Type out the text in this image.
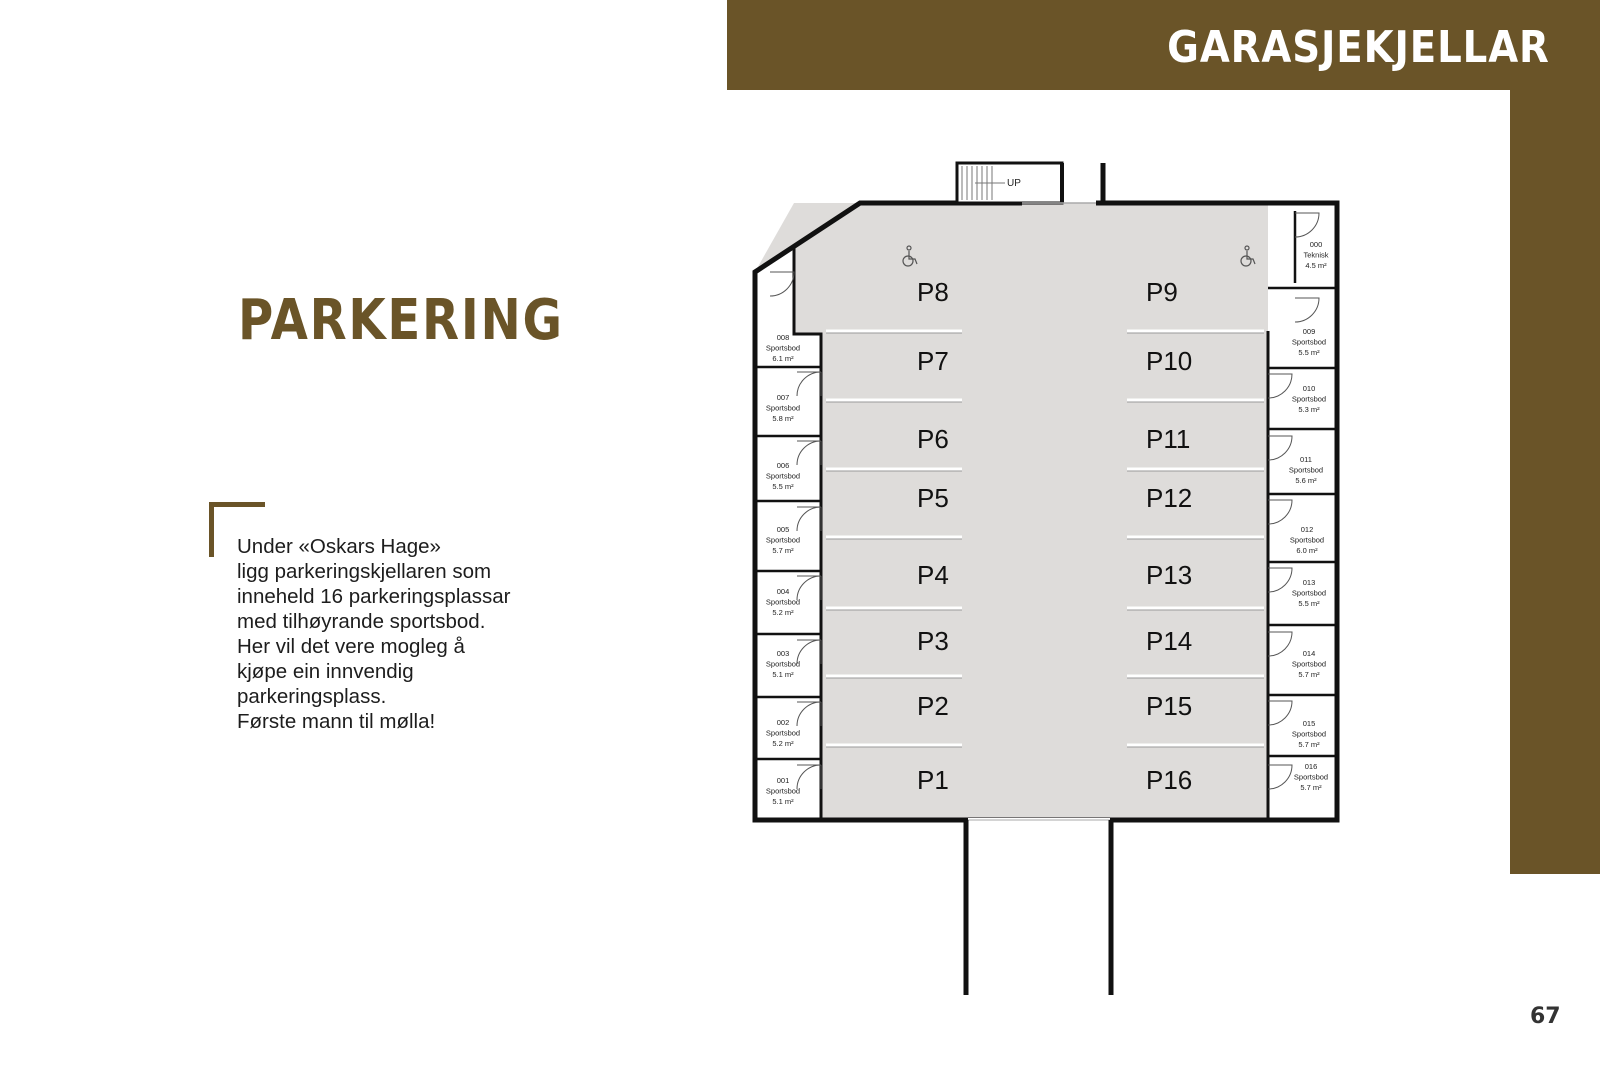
GARASJEKJELLAR
PARKERING
Under «Oskars Hage»
ligg parkeringskjellaren som
inneheld 16 parkeringsplassar
med tilhøyrande sportsbod.
Her vil det vere mogleg å
kjøpe ein innvendig
parkeringsplass.
Første mann til mølla!
67
UP
P8
P7
P6
P5
P4
P3
P2
P1
P9
P10
P11
P12
P13
P14
P15
P16
008
Sportsbod
6.1 m²
007
Sportsbod
5.8 m²
006
Sportsbod
5.5 m²
005
Sportsbod
5.7 m²
004
Sportsbod
5.2 m²
003
Sportsbod
5.1 m²
002
Sportsbod
5.2 m²
001
Sportsbod
5.1 m²
000
Teknisk
4.5 m²
009
Sportsbod
5.5 m²
010
Sportsbod
5.3 m²
011
Sportsbod
5.6 m²
012
Sportsbod
6.0 m²
013
Sportsbod
5.5 m²
014
Sportsbod
5.7 m²
015
Sportsbod
5.7 m²
016
Sportsbod
5.7 m²
